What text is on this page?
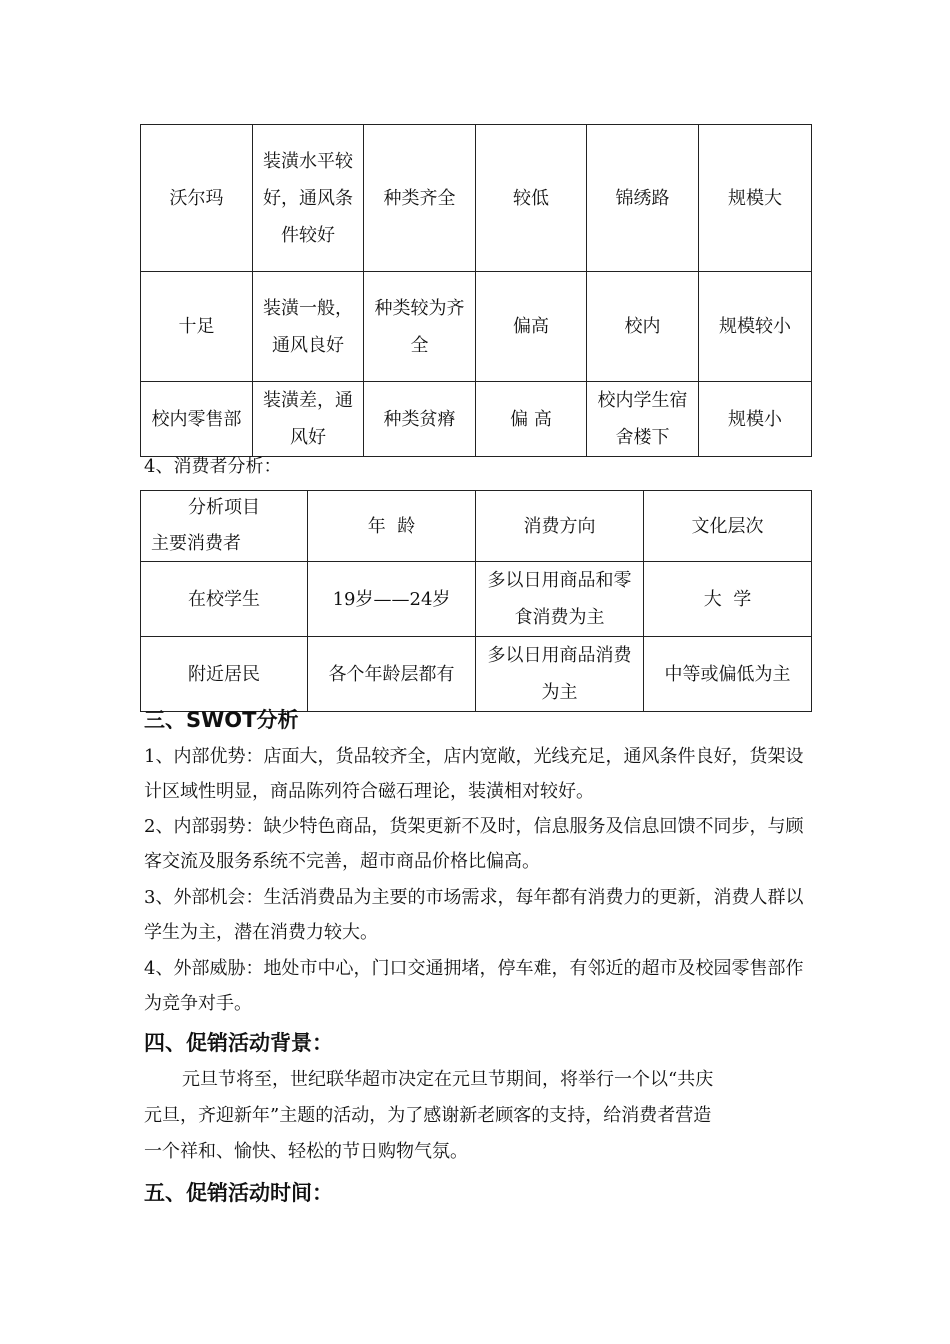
沃尔玛	装潢水平较好，通风条件较好	种类齐全	较低	锦绣路	规模大
十足	装潢一般，通风良好	种类较为齐全	偏高	校内	规模较小
校内零售部	装潢差，通风好	种类贫瘠	偏 高	校内学生宿舍楼下	规模小

4、消费者分析：

分析项目
主要消费者	年  龄	消费方向	文化层次
在校学生	19岁——24岁	多以日用商品和零食消费为主	大  学
附近居民	各个年龄层都有	多以日用商品消费为主	中等或偏低为主
三、SWOT分析

1、内部优势：店面大，货品较齐全，店内宽敞，光线充足，通风条件良好，货架设计区域性明显，商品陈列符合磁石理论，装潢相对较好。

2、内部弱势：缺少特色商品，货架更新不及时，信息服务及信息回馈不同步，与顾客交流及服务系统不完善，超市商品价格比偏高。

3、外部机会：生活消费品为主要的市场需求，每年都有消费力的更新，消费人群以学生为主，潜在消费力较大。

4、外部威胁：地处市中心，门口交通拥堵，停车难，有邻近的超市及校园零售部作为竞争对手。

四、促销活动背景：
元旦节将至，世纪联华超市决定在元旦节期间，将举行一个以“共庆
元旦，齐迎新年”主题的活动，为了感谢新老顾客的支持，给消费者营造
一个祥和、愉快、轻松的节日购物气氛。
五、促销活动时间：
